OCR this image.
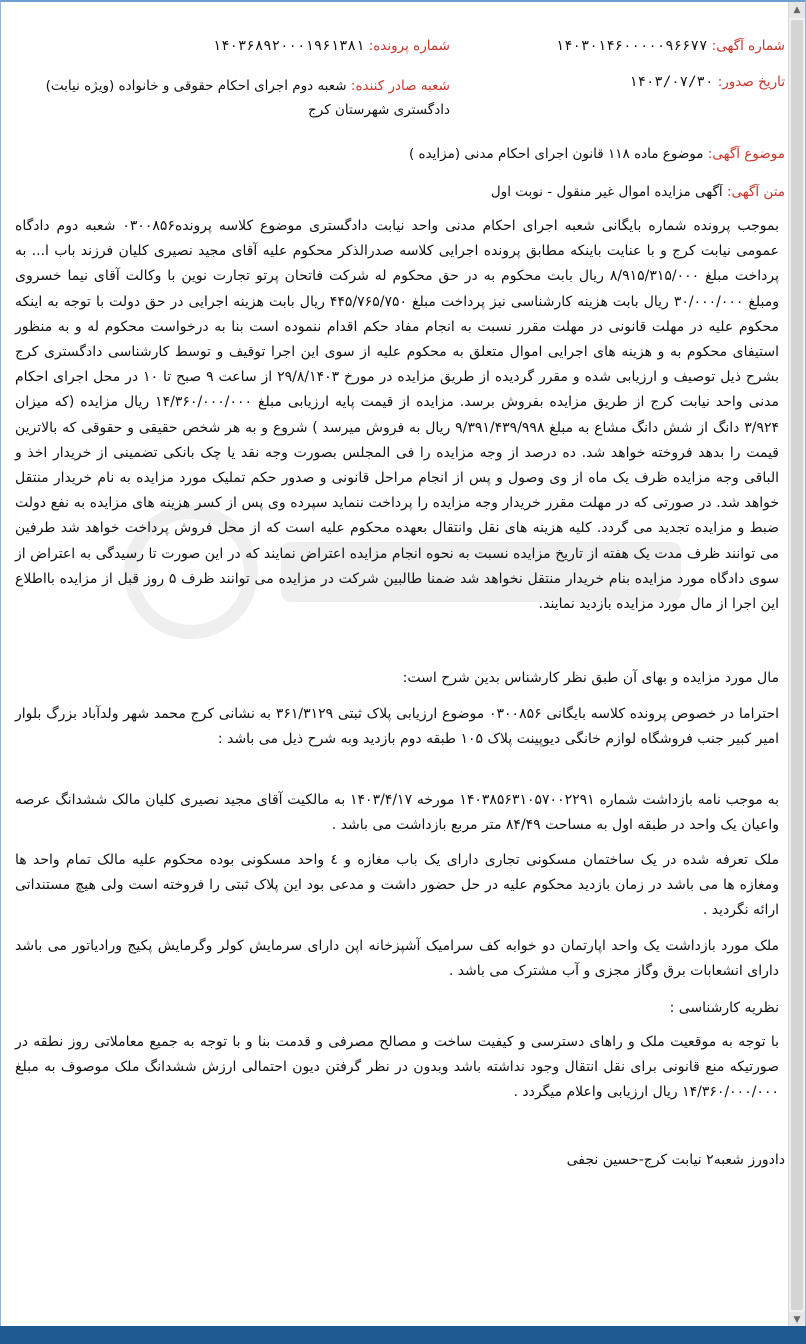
شماره آگهی: ۱۴۰۳۰۱۴۶۰۰۰۰۰۹۶۶۷۷
شماره پرونده: ۱۴۰۳۶۸۹۲۰۰۰۱۹۶۱۳۸۱
تاریخ صدور: ۱۴۰۳/۰۷/۳۰
شعبه صادر کننده: شعبه دوم اجرای احکام حقوقی و خانواده (ویژه نیابت) دادگستری شهرستان کرج
موضوع آگهی: موضوع ماده ۱۱۸ قانون اجرای احکام مدنی (مزایده )
متن آگهی: آگهی مزایده اموال غیر منقول - نوبت اول
بموجب پرونده شماره بایگانی شعبه اجرای احکام مدنی واحد نیابت دادگستری موضوع کلاسه پرونده۰۳۰۰۸۵۶ شعبه دوم دادگاه عمومی نیابت کرج و با عنایت باینکه مطابق پرونده اجرایی کلاسه صدرالذکر محکوم علیه آقای مجید نصیری کلیان فرزند باب ا... به پرداخت مبلغ ۸/۹۱۵/۳۱۵/۰۰۰ ریال بابت محکوم به در حق محکوم له شرکت فاتحان پرتو تجارت نوین با وکالت آقای نیما خسروی ومبلغ ۳۰/۰۰۰/۰۰۰ ریال بابت هزینه کارشناسی نیز پرداخت مبلغ ۴۴۵/۷۶۵/۷۵۰ ریال بابت هزینه اجرایی در حق دولت با توجه به اینکه محکوم علیه در مهلت قانونی در مهلت مقرر نسبت به انجام مفاد حکم اقدام ننموده است بنا به درخواست محکوم له و به منظور استیفای محکوم به و هزینه های اجرایی اموال متعلق به محکوم علیه از سوی این اجرا توقیف و توسط کارشناسی دادگستری کرج بشرح ذیل توصیف و ارزیابی شده و مقرر گردیده از طریق مزایده در مورخ ۲۹/۸/۱۴۰۳ از ساعت ۹ صبح تا ۱۰ در محل اجرای احکام مدنی واحد نیابت کرج از طریق مزایده بفروش برسد. مزایده از قیمت پایه ارزیابی مبلغ ۱۴/۳۶۰/۰۰۰/۰۰۰ ریال مزایده (که میزان ۳/۹۲۴ دانگ از شش دانگ مشاع به مبلغ ۹/۳۹۱/۴۳۹/۹۹۸ ریال به فروش میرسد ) شروع و به هر شخص حقیقی و حقوقی که بالاترین قیمت را بدهد فروخته خواهد شد. ده درصد از وجه مزایده را فی المجلس بصورت وجه نقد یا چک بانکی تضمینی از خریدار اخذ و الباقی وجه مزایده ظرف یک ماه از وی وصول و پس از انجام مراحل قانونی و صدور حکم تملیک مورد مزایده به نام خریدار منتقل خواهد شد. در صورتی که در مهلت مقرر خریدار وجه مزایده را پرداخت ننماید سپرده وی پس از کسر هزینه های مزایده به نفع دولت ضبط و مزایده تجدید می گردد. کلیه هزینه های نقل وانتقال بعهده محکوم علیه است که از محل فروش پرداخت خواهد شد طرفین می توانند ظرف مدت یک هفته از تاریخ مزایده نسبت به نحوه انجام مزایده اعتراض نمایند که در این صورت تا رسیدگی به اعتراض از سوی دادگاه مورد مزایده بنام خریدار منتقل نخواهد شد ضمنا طالبین شرکت در مزایده می توانند ظرف ۵ روز قبل از مزایده بااطلاع این اجرا از مال مورد مزایده بازدید نمایند.
مال مورد مزایده و بهای آن طبق نظر کارشناس بدین شرح است:
احتراما در خصوص پرونده کلاسه بایگانی ۰۳۰۰۸۵۶ موضوع ارزیابی پلاک ثبتی ۳۶۱/۳۱۲۹ به نشانی کرج محمد شهر ولدآباد بزرگ بلوار امیر کبیر جنب فروشگاه لوازم خانگی دیوپینت پلاک ۱۰۵ طبقه دوم بازدید وبه شرح ذیل می باشد :
به موجب نامه بازداشت شماره ۱۴۰۳۸۵۶۳۱۰۵۷۰۰۲۲۹۱ مورخه ۱۴۰۳/۴/۱۷ به مالکیت آقای مجید نصیری کلیان مالک ششدانگ عرصه واعیان یک واحد در طبقه اول به مساحت ۸۴/۴۹ متر مربع بازداشت می باشد .
ملک تعرفه شده در یک ساختمان مسکونی تجاری دارای یک باب مغازه و ٤ واحد مسکونی بوده محکوم علیه مالک تمام واحد ها ومغازه ها می باشد در زمان بازدید محکوم علیه در حل حضور داشت و مدعی بود این پلاک ثبتی را فروخته است ولی هیچ مستنداتی ارائه نگردید .
ملک مورد بازداشت یک واحد اپارتمان دو خوابه کف سرامیک آشپزخانه اپن دارای سرمایش کولر وگرمایش پکیج ورادیاتور می باشد دارای انشعابات برق وگاز مجزی و آب مشترک می باشد .
نظریه کارشناسی :
با توجه به موقعیت ملک و راهای دسترسی و کیفیت ساخت و مصالح مصرفی و قدمت بنا و با توجه به جمیع معاملاتی روز نطقه در صورتیکه منع قانونی برای نقل انتقال وجود نداشته باشد وبدون در نظر گرفتن دیون احتمالی ارزش ششدانگ ملک موصوف به مبلغ ۱۴/۳۶۰/۰۰۰/۰۰۰ ریال ارزیابی واعلام میگردد .
دادورز شعبه۲ نیابت کرج-حسین نجفی
▲
▼
